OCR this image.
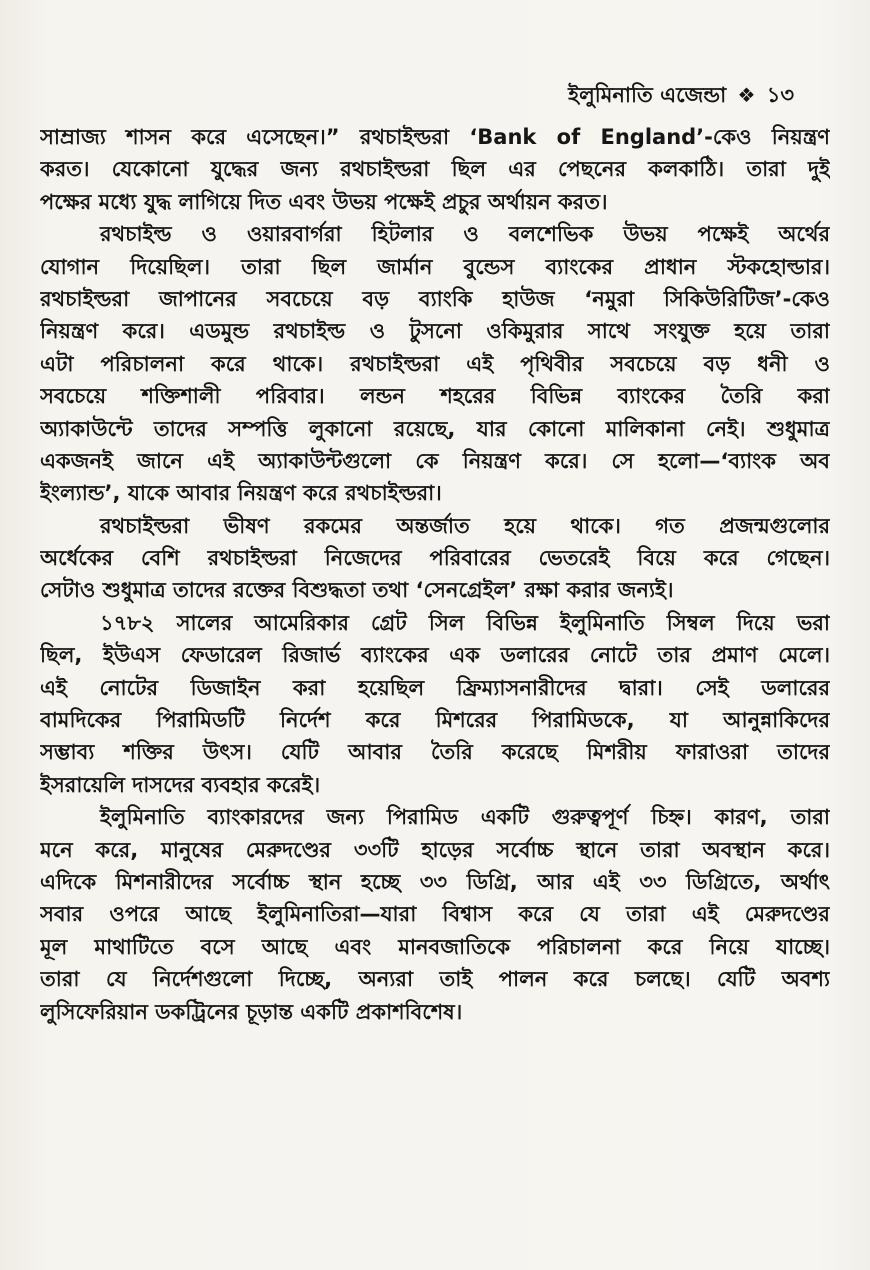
ইলুমিনাতি এজেন্ডা ❖ ১৩
সাম্রাজ্য শাসন করে এসেছেন।” রথচাইল্ডরা ‘Bank of England’-কেও নিয়ন্ত্রণ
করত। যেকোনো যুদ্ধের জন্য রথচাইল্ডরা ছিল এর পেছনের কলকাঠি। তারা দুই
পক্ষের মধ্যে যুদ্ধ লাগিয়ে দিত এবং উভয় পক্ষেই প্রচুর অর্থায়ন করত।
রথচাইল্ড ও ওয়ারবার্গরা হিটলার ও বলশেভিক উভয় পক্ষেই অর্থের
যোগান দিয়েছিল। তারা ছিল জার্মান বুন্ডেস ব্যাংকের প্রাধান স্টকহোল্ডার।
রথচাইল্ডরা জাপানের সবচেয়ে বড় ব্যাংকি হাউজ ‘নমুরা সিকিউরিটিজ’-কেও
নিয়ন্ত্রণ করে। এডমুন্ড রথচাইল্ড ও টুসনো ওকিমুরার সাথে সংযুক্ত হয়ে তারা
এটা পরিচালনা করে থাকে। রথচাইল্ডরা এই পৃথিবীর সবচেয়ে বড় ধনী ও
সবচেয়ে শক্তিশালী পরিবার। লন্ডন শহরের বিভিন্ন ব্যাংকের তৈরি করা
অ্যাকাউন্টে তাদের সম্পত্তি লুকানো রয়েছে, যার কোনো মালিকানা নেই। শুধুমাত্র
একজনই জানে এই অ্যাকাউন্টগুলো কে নিয়ন্ত্রণ করে। সে হলো—‘ব্যাংক অব
ইংল্যান্ড’, যাকে আবার নিয়ন্ত্রণ করে রথচাইল্ডরা।
রথচাইল্ডরা ভীষণ রকমের অন্তর্জাত হয়ে থাকে। গত প্রজন্মগুলোর
অর্ধেকের বেশি রথচাইল্ডরা নিজেদের পরিবারের ভেতরেই বিয়ে করে গেছেন।
সেটাও শুধুমাত্র তাদের রক্তের বিশুদ্ধতা তথা ‘সেনগ্রেইল’ রক্ষা করার জন্যই।
১৭৮২ সালের আমেরিকার গ্রেট সিল বিভিন্ন ইলুমিনাতি সিম্বল দিয়ে ভরা
ছিল, ইউএস ফেডারেল রিজার্ভ ব্যাংকের এক ডলারের নোটে তার প্রমাণ মেলে।
এই নোটের ডিজাইন করা হয়েছিল ফ্রিম্যাসনারীদের দ্বারা। সেই ডলারের
বামদিকের পিরামিডটি নির্দেশ করে মিশরের পিরামিডকে, যা আনুন্নাকিদের
সম্ভাব্য শক্তির উৎস। যেটি আবার তৈরি করেছে মিশরীয় ফারাওরা তাদের
ইসরায়েলি দাসদের ব্যবহার করেই।
ইলুমিনাতি ব্যাংকারদের জন্য পিরামিড একটি গুরুত্বপূর্ণ চিহ্ন। কারণ, তারা
মনে করে, মানুষের মেরুদণ্ডের ৩৩টি হাড়ের সর্বোচ্চ স্থানে তারা অবস্থান করে।
এদিকে মিশনারীদের সর্বোচ্চ স্থান হচ্ছে ৩৩ ডিগ্রি, আর এই ৩৩ ডিগ্রিতে, অর্থাৎ
সবার ওপরে আছে ইলুমিনাতিরা—যারা বিশ্বাস করে যে তারা এই মেরুদণ্ডের
মূল মাথাটিতে বসে আছে এবং মানবজাতিকে পরিচালনা করে নিয়ে যাচ্ছে।
তারা যে নির্দেশগুলো দিচ্ছে, অন্যরা তাই পালন করে চলছে। যেটি অবশ্য
লুসিফেরিয়ান ডকট্রিনের চূড়ান্ত একটি প্রকাশবিশেষ।
